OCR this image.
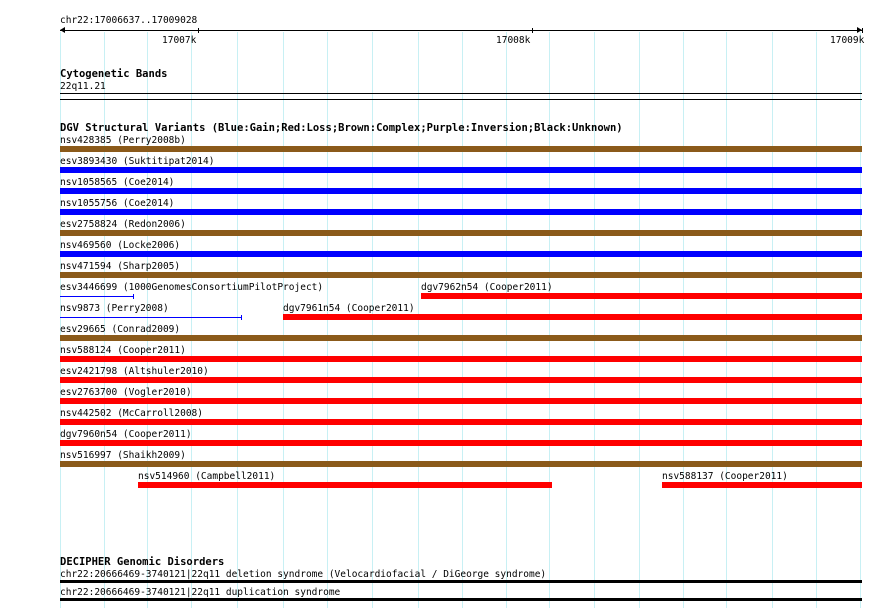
chr22:17006637..17009028
17007k	17008k	17009k
Cytogenetic Bands
22q11.21
DGV Structural Variants (Blue:Gain;Red:Loss;Brown:Complex;Purple:Inversion;Black:Unknown)
nsv428385 (Perry2008b)
esv3893430 (Suktitipat2014)
nsv1058565 (Coe2014)
nsv1055756 (Coe2014)
esv2758824 (Redon2006)
nsv469560 (Locke2006)
nsv471594 (Sharp2005)
esv3446699 (1000GenomesConsortiumPilotProject)	dgv7962n54 (Cooper2011)
nsv9873 (Perry2008)	dgv7961n54 (Cooper2011)
esv29665 (Conrad2009)
nsv588124 (Cooper2011)
esv2421798 (Altshuler2010)
esv2763700 (Vogler2010)
nsv442502 (McCarroll2008)
dgv7960n54 (Cooper2011)
nsv516997 (Shaikh2009)
nsv514960 (Campbell2011)	nsv588137 (Cooper2011)
DECIPHER Genomic Disorders
chr22:20666469-3740121|22q11 deletion syndrome (Velocardiofacial / DiGeorge syndrome)
chr22:20666469-3740121|22q11 duplication syndrome
